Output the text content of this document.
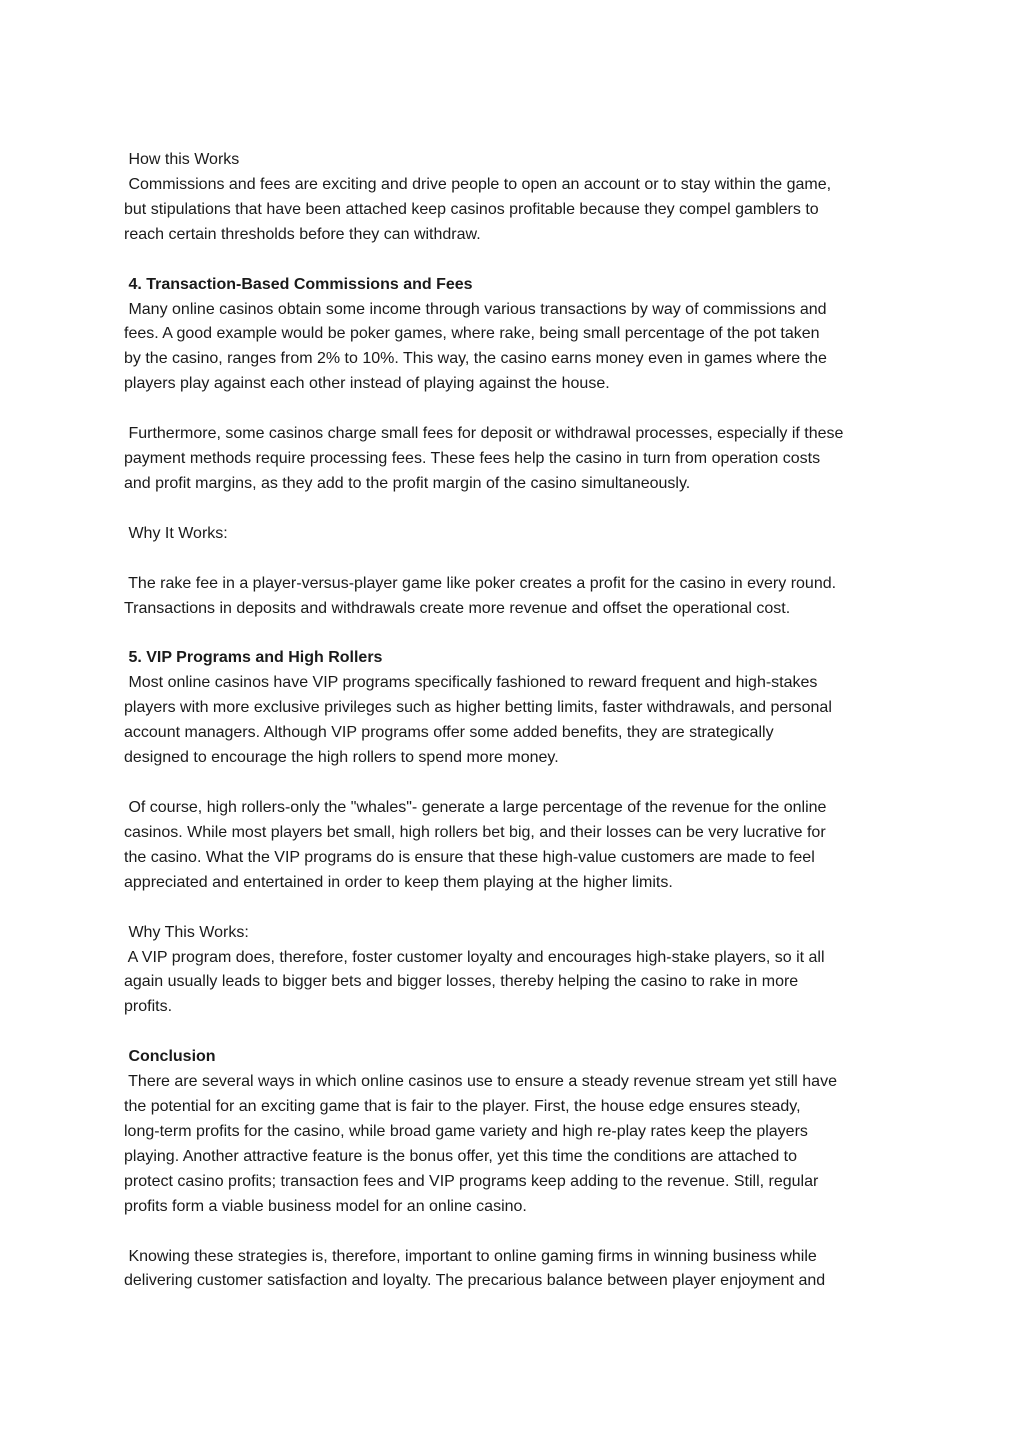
How this Works
Commissions and fees are exciting and drive people to open an account or to stay within the game,
but stipulations that have been attached keep casinos profitable because they compel gamblers to
reach certain thresholds before they can withdraw.
4. Transaction-Based Commissions and Fees
Many online casinos obtain some income through various transactions by way of commissions and
fees. A good example would be poker games, where rake, being small percentage of the pot taken
by the casino, ranges from 2% to 10%. This way, the casino earns money even in games where the
players play against each other instead of playing against the house.
Furthermore, some casinos charge small fees for deposit or withdrawal processes, especially if these
payment methods require processing fees. These fees help the casino in turn from operation costs
and profit margins, as they add to the profit margin of the casino simultaneously.
Why It Works:
The rake fee in a player-versus-player game like poker creates a profit for the casino in every round.
Transactions in deposits and withdrawals create more revenue and offset the operational cost.
5. VIP Programs and High Rollers
Most online casinos have VIP programs specifically fashioned to reward frequent and high-stakes
players with more exclusive privileges such as higher betting limits, faster withdrawals, and personal
account managers. Although VIP programs offer some added benefits, they are strategically
designed to encourage the high rollers to spend more money.
Of course, high rollers-only the "whales"- generate a large percentage of the revenue for the online
casinos. While most players bet small, high rollers bet big, and their losses can be very lucrative for
the casino. What the VIP programs do is ensure that these high-value customers are made to feel
appreciated and entertained in order to keep them playing at the higher limits.
Why This Works:
A VIP program does, therefore, foster customer loyalty and encourages high-stake players, so it all
again usually leads to bigger bets and bigger losses, thereby helping the casino to rake in more
profits.
Conclusion
There are several ways in which online casinos use to ensure a steady revenue stream yet still have
the potential for an exciting game that is fair to the player. First, the house edge ensures steady,
long-term profits for the casino, while broad game variety and high re-play rates keep the players
playing. Another attractive feature is the bonus offer, yet this time the conditions are attached to
protect casino profits; transaction fees and VIP programs keep adding to the revenue. Still, regular
profits form a viable business model for an online casino.
Knowing these strategies is, therefore, important to online gaming firms in winning business while
delivering customer satisfaction and loyalty. The precarious balance between player enjoyment and
